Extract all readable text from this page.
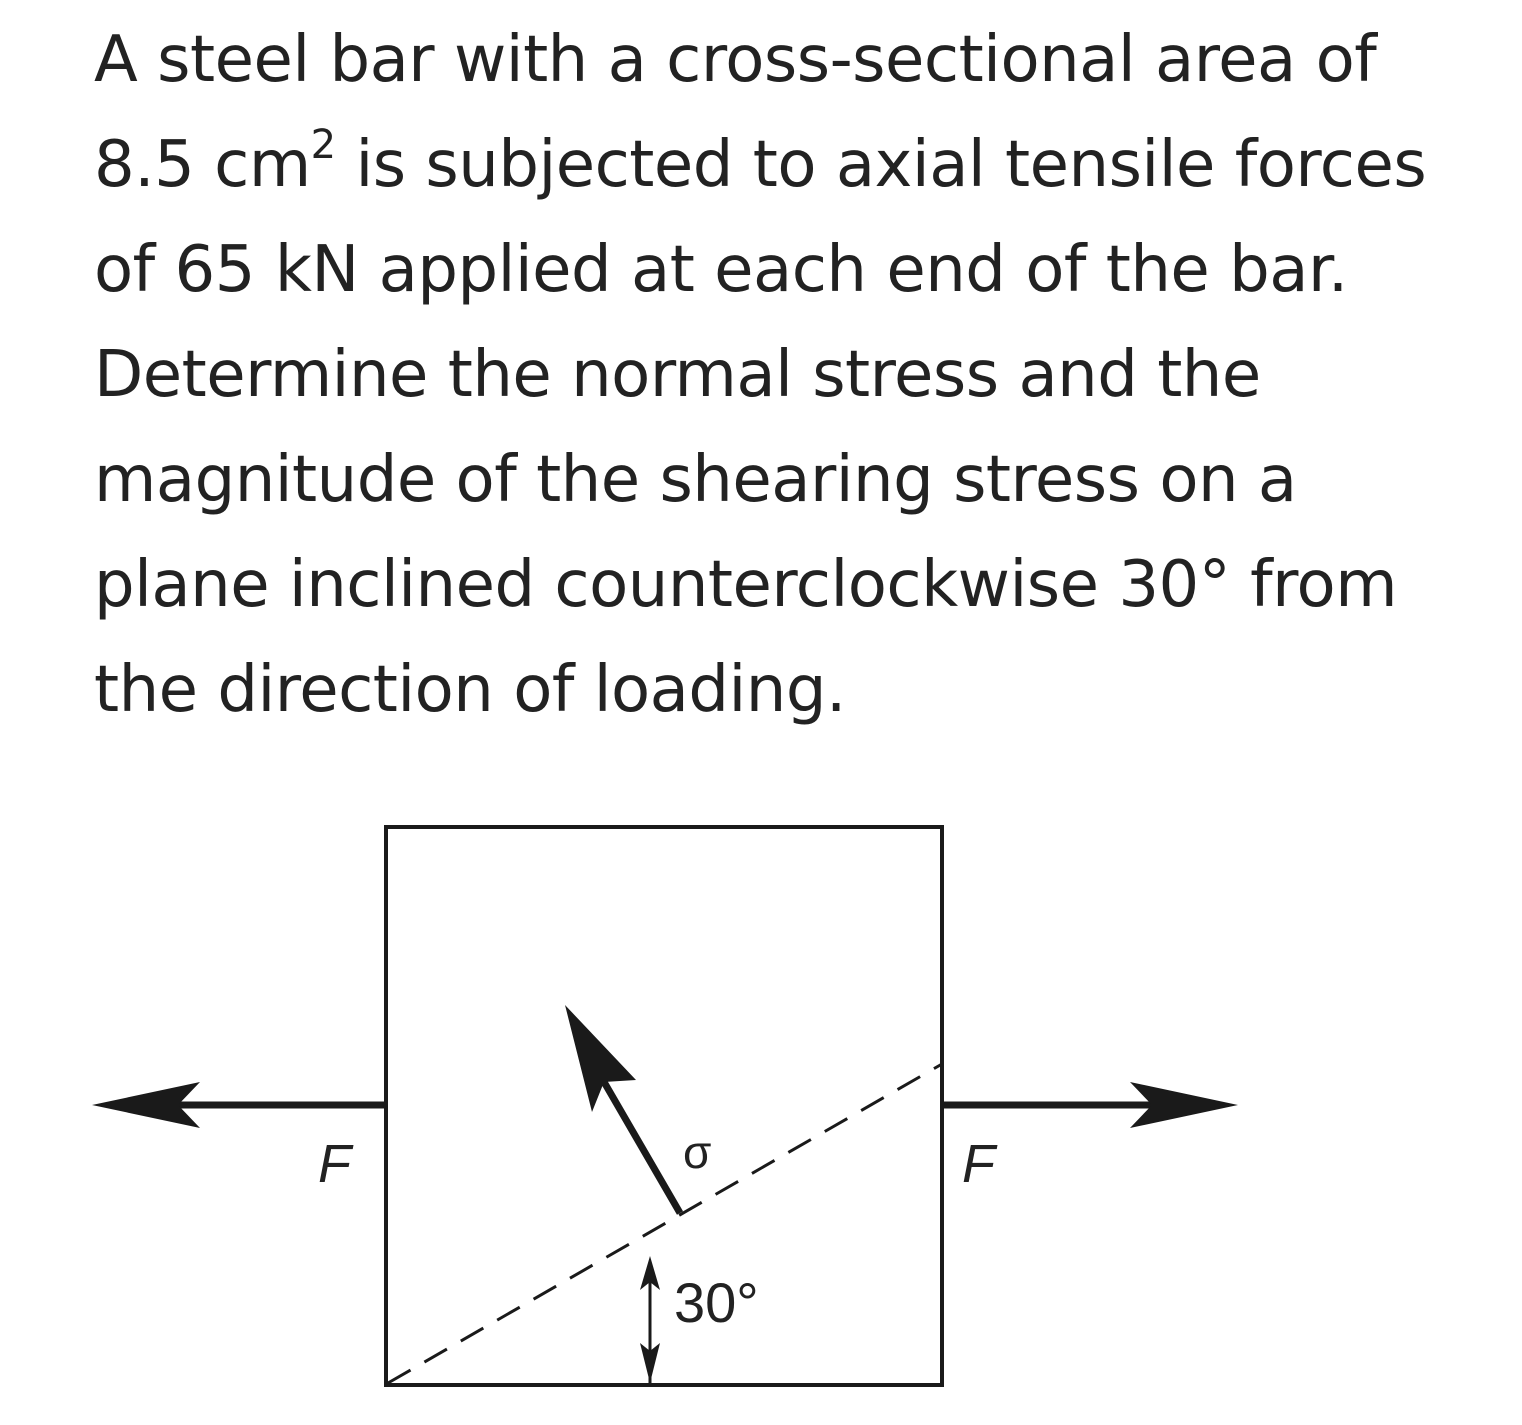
A steel bar with a cross-sectional area of
8.5 $cm^2$ is subjected to axial tensile forces
of 65 kN applied at each end of the bar.
Determine the normal stress and the
magnitude of the shearing stress on a
plane inclined counterclockwise 30° from
the direction of loading.
F	F
σ
30°
